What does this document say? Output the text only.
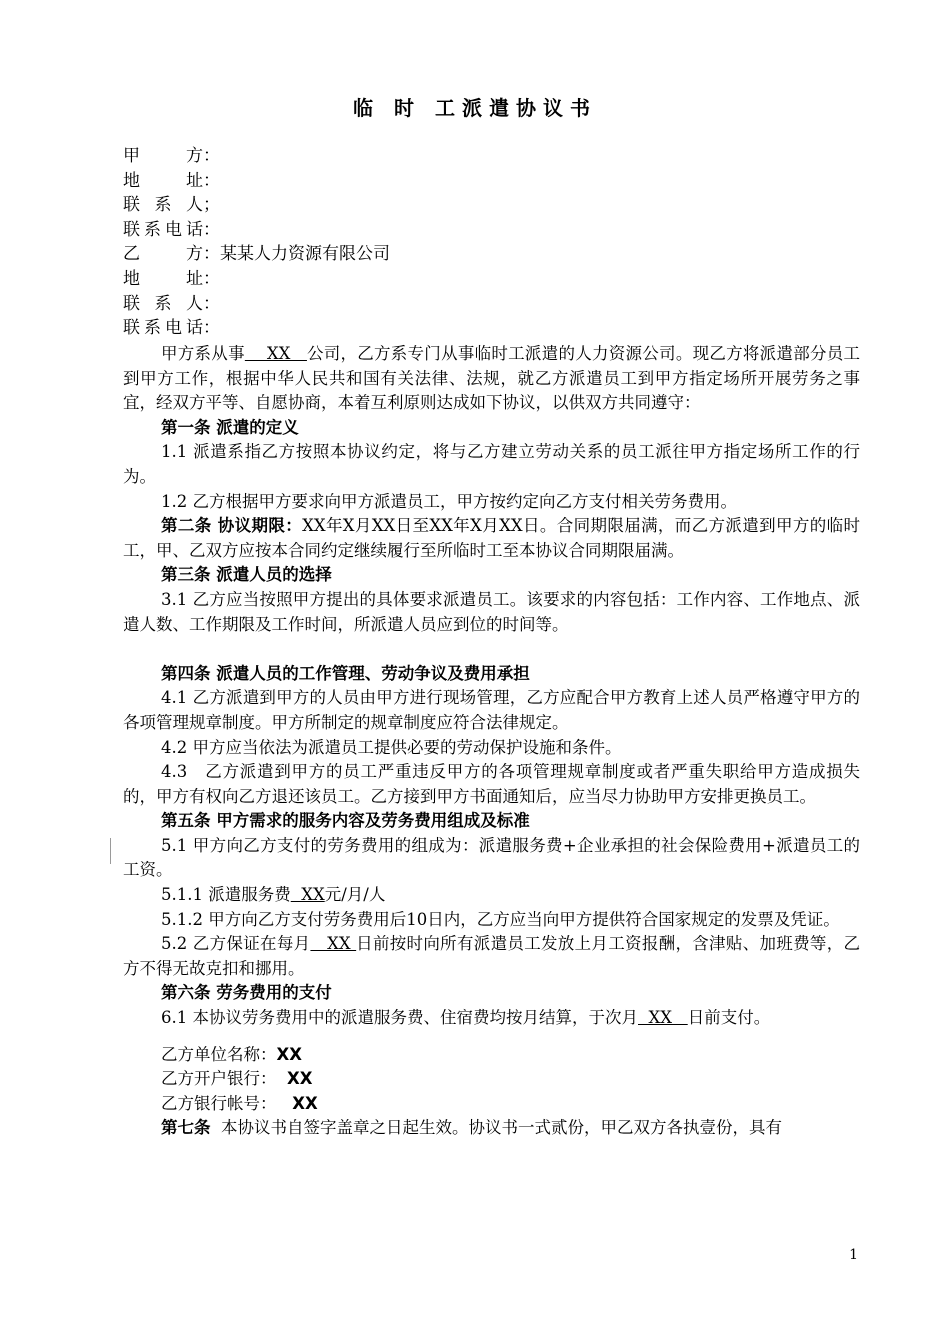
临 时 工派遣协议书
甲方：
地址：
联系人；
联系电话：
乙方：某某人力资源有限公司
地址：
联系人：
联系电话：

甲方系从事    XX   公司，乙方系专门从事临时工派遣的人力资源公司。现乙方将派遣部分员工到甲方工作，根据中华人民共和国有关法律、法规，就乙方派遣员工到甲方指定场所开展劳务之事宜，经双方平等、自愿协商，本着互利原则达成如下协议，以供双方共同遵守：

第一条 派遣的定义

1.1 派遣系指乙方按照本协议约定，将与乙方建立劳动关系的员工派往甲方指定场所工作的行为。

1.2 乙方根据甲方要求向甲方派遣员工，甲方按约定向乙方支付相关劳务费用。

第二条 协议期限：XX年X月XX日至XX年X月XX日。合同期限届满，而乙方派遣到甲方的临时工，甲、乙双方应按本合同约定继续履行至所临时工至本协议合同期限届满。

第三条 派遣人员的选择

3.1 乙方应当按照甲方提出的具体要求派遣员工。该要求的内容包括：工作内容、工作地点、派遣人数、工作期限及工作时间，所派遣人员应到位的时间等。

第四条 派遣人员的工作管理、劳动争议及费用承担

4.1 乙方派遣到甲方的人员由甲方进行现场管理，乙方应配合甲方教育上述人员严格遵守甲方的各项管理规章制度。甲方所制定的规章制度应符合法律规定。

4.2 甲方应当依法为派遣员工提供必要的劳动保护设施和条件。

4.3   乙方派遣到甲方的员工严重违反甲方的各项管理规章制度或者严重失职给甲方造成损失的，甲方有权向乙方退还该员工。乙方接到甲方书面通知后，应当尽力协助甲方安排更换员工。

第五条 甲方需求的服务内容及劳务费用组成及标准

5.1 甲方向乙方支付的劳务费用的组成为：派遣服务费+企业承担的社会保险费用+派遣员工的工资。

5.1.1 派遣服务费  XX元/月/人

5.1.2 甲方向乙方支付劳务费用后10日内，乙方应当向甲方提供符合国家规定的发票及凭证。

5.2 乙方保证在每月   XX 日前按时向所有派遣员工发放上月工资报酬，含津贴、加班费等，乙方不得无故克扣和挪用。

第六条 劳务费用的支付

6.1 本协议劳务费用中的派遣服务费、住宿费均按月结算，于次月  XX   日前支付。

乙方单位名称：XX

乙方开户银行：  XX

乙方银行帐号：   XX

第七条  本协议书自签字盖章之日起生效。协议书一式贰份，甲乙双方各执壹份，具有

1
